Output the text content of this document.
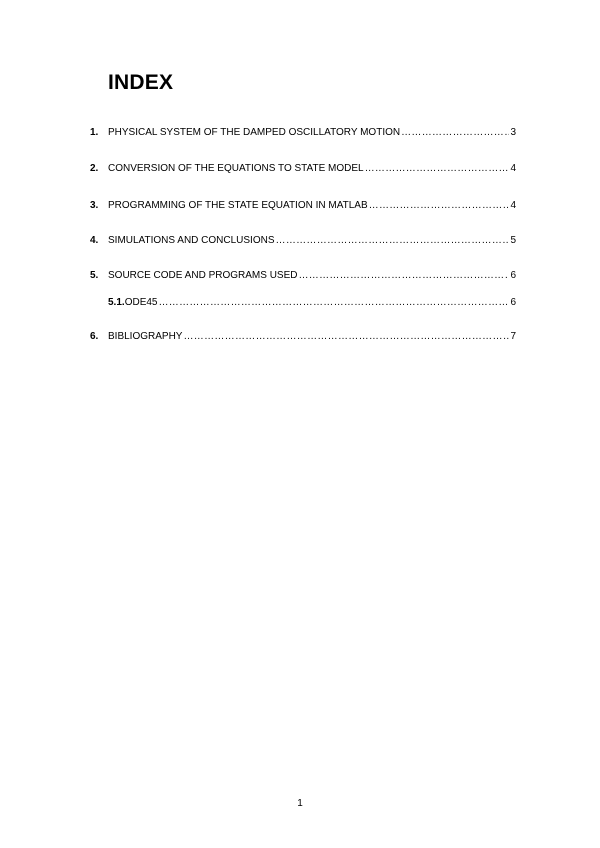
INDEX
1. PHYSICAL SYSTEM OF THE DAMPED OSCILLATORY MOTION ………………………………………………………………………………………………………………………………………………………………	3
2. CONVERSION OF THE EQUATIONS TO STATE MODEL ………………………………………………………………………………………………………………………………………………………………	4
3. PROGRAMMING OF THE STATE EQUATION IN MATLAB ………………………………………………………………………………………………………………………………………………………………	4
4. SIMULATIONS AND CONCLUSIONS ………………………………………………………………………………………………………………………………………………………………	5
5. SOURCE CODE AND PROGRAMS USED ………………………………………………………………………………………………………………………………………………………………	6
5.1. ODE45 ………………………………………………………………………………………………………………………………………………………………	6
6. BIBLIOGRAPHY ………………………………………………………………………………………………………………………………………………………………	7
1
